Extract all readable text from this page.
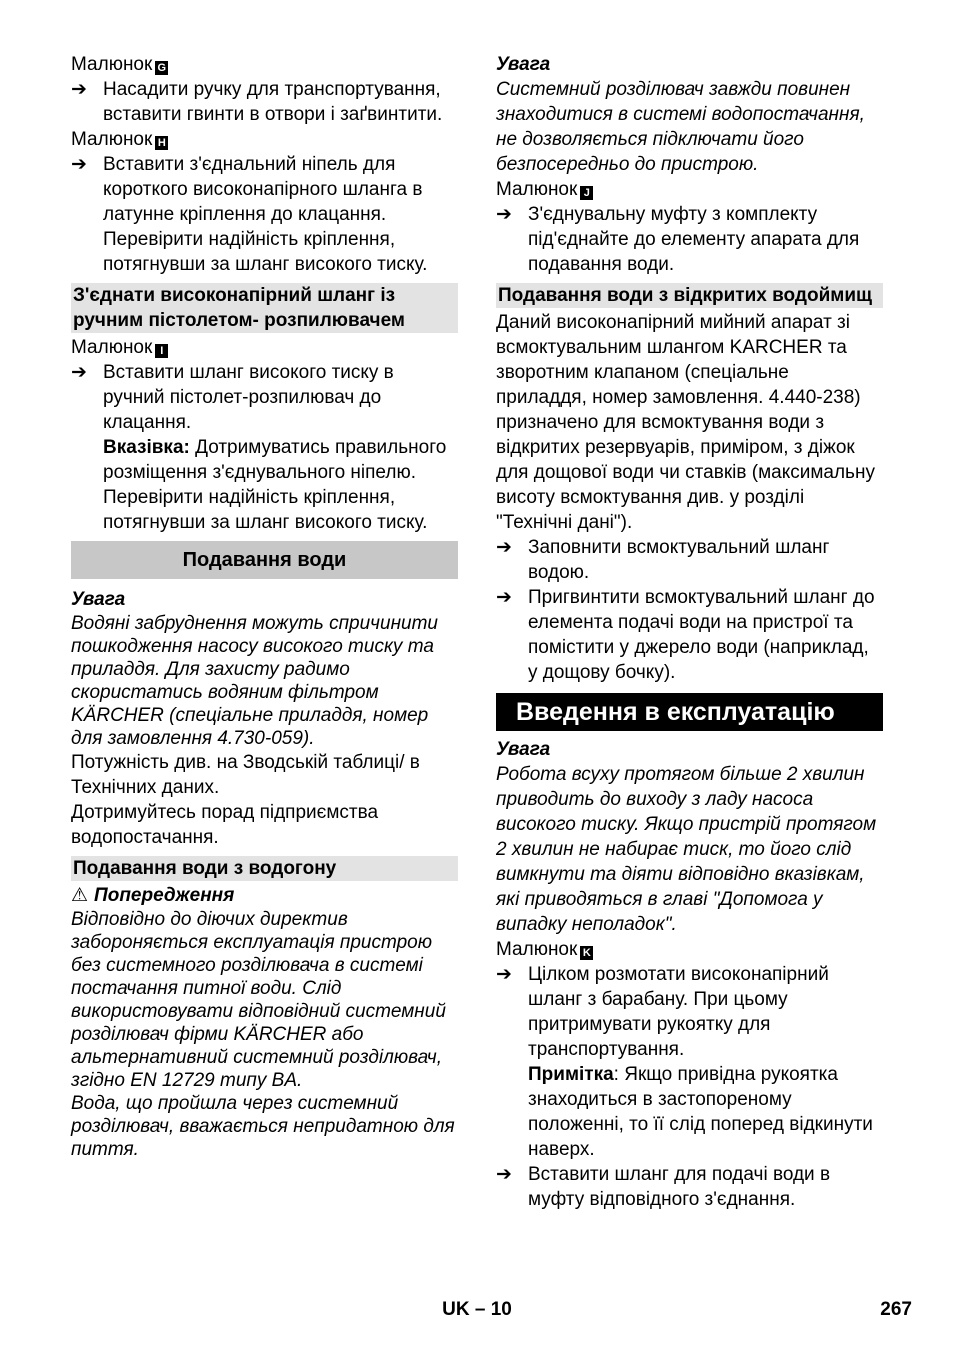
Малюнок G

➔ Насадити ручку для транспортування, вставити гвинти в отвори і заґвинтити.

Малюнок H

➔ Вставити з'єднальний ніпель для короткого високонапірного шланга в латунне кріплення до клацання. Перевірити надійність кріплення, потягнувши за шланг високого тиску.
З'єднати високонапірний шланг із ручним пістолетом- розпилювачем

Малюнок I

➔ Вставити шланг високого тиску в ручний пістолет-розпилювач до клацання.

Вказівка: Дотримуватись правильного розміщення з'єднувального ніпелю.

Перевірити надійність кріплення, потягнувши за шланг високого тиску.

Подавання води

Увага

Водяні забруднення можуть спричинити пошкодження насосу високого тиску та приладдя. Для захисту радимо скористатись водяним фільтром KÄRCHER (спеціальне приладдя, номер для замовлення 4.730-059).

Потужність див. на Зводській таблиці/ в Технічних даних.

Дотримуйтесь порад підприємства водопостачання.

Подавання води з водогону

⚠ Попередження

Відповідно до діючих директив забороняється експлуатація пристрою без системного розділювача в системі постачання питної води. Слід використовувати відповідний системний розділювач фірми KÄRCHER або альтернативний системний розділювач, згідно EN 12729 типу BA.

Вода, що пройшла через системний розділювач, вважається непридатною для пиття.

Увага

Системний розділювач завжди повинен знаходитися в системі водопостачання, не дозволяється підключати його безпосередньо до пристрою.

Малюнок J

➔ З'єднувальну муфту з комплекту під'єднайте до елементу апарата для подавання води.
Подавання води з відкритих водоймищ

Даний високонапірний мийний апарат зі всмоктувальним шлангом KARCHER та зворотним клапаном (спеціальне приладдя, номер замовлення. 4.440-238) призначено для всмоктування води з відкритих резервуарів, приміром, з діжок для дощової води чи ставків (максимальну висоту всмоктування див. у розділі "Технічні дані").

➔ Заповнити всмоктувальний шланг водою.
➔ Пригвинтити всмоктувальний шланг до елемента подачі води на пристрої та помістити у джерело води (наприклад, у дощову бочку).
Введення в експлуатацію

Увага

Робота всуху протягом більше 2 хвилин приводить до виходу з ладу насоса високого тиску. Якщо пристрій протягом 2 хвилин не набирає тиск, то його слід вимкнути та діяти відповідно вказівкам, які приводяться в главі "Допомога у випадку неполадок".

Малюнок K

➔ Цілком розмотати високонапірний шланг з барабану. При цьому притримувати рукоятку для транспортування.

Примітка: Якщо привідна рукоятка знаходиться в застопореному положенні, то її слід поперед відкинути наверх.

➔ Вставити шланг для подачі води в муфту відповідного з'єднання.
UK – 10	267
